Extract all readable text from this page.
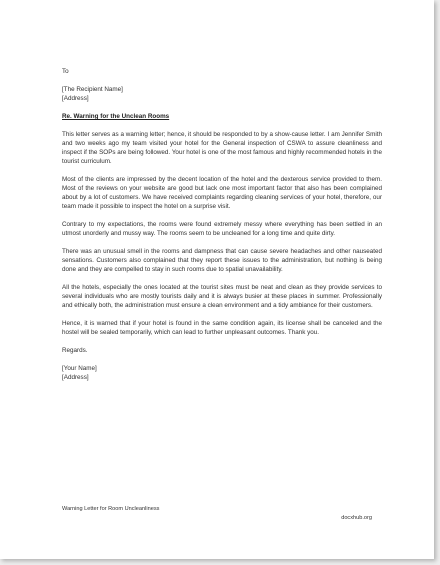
To
[The Recipient Name]
[Address]
Re. Warning for the Unclean Rooms

This letter serves as a warning letter; hence, it should be responded to by a show-cause letter. I am Jennifer Smith and two weeks ago my team visited your hotel for the General inspection of CSWA to assure cleanliness and inspect if the SOPs are being followed. Your hotel is one of the most famous and highly recommended hotels in the tourist curriculum.

Most of the clients are impressed by the decent location of the hotel and the dexterous service provided to them. Most of the reviews on your website are good but lack one most important factor that also has been complained about by a lot of customers. We have received complaints regarding cleaning services of your hotel, therefore, our team made it possible to inspect the hotel on a surprise visit.

Contrary to my expectations, the rooms were found extremely messy where everything has been settled in an utmost unorderly and mussy way. The rooms seem to be uncleaned for a long time and quite dirty.

There was an unusual smell in the rooms and dampness that can cause severe headaches and other nauseated sensations. Customers also complained that they report these issues to the administration, but nothing is being done and they are compelled to stay in such rooms due to spatial unavailability.

All the hotels, especially the ones located at the tourist sites must be neat and clean as they provide services to several individuals who are mostly tourists daily and it is always busier at these places in summer. Professionally and ethically both, the administration must ensure a clean environment and a tidy ambiance for their customers.

Hence, it is warned that if your hotel is found in the same condition again, its license shall be canceled and the hostel will be sealed temporarily, which can lead to further unpleasant outcomes. Thank you.

Regards.
[Your Name]
[Address]
Warning Letter for Room Uncleanliness
docxhub.org
